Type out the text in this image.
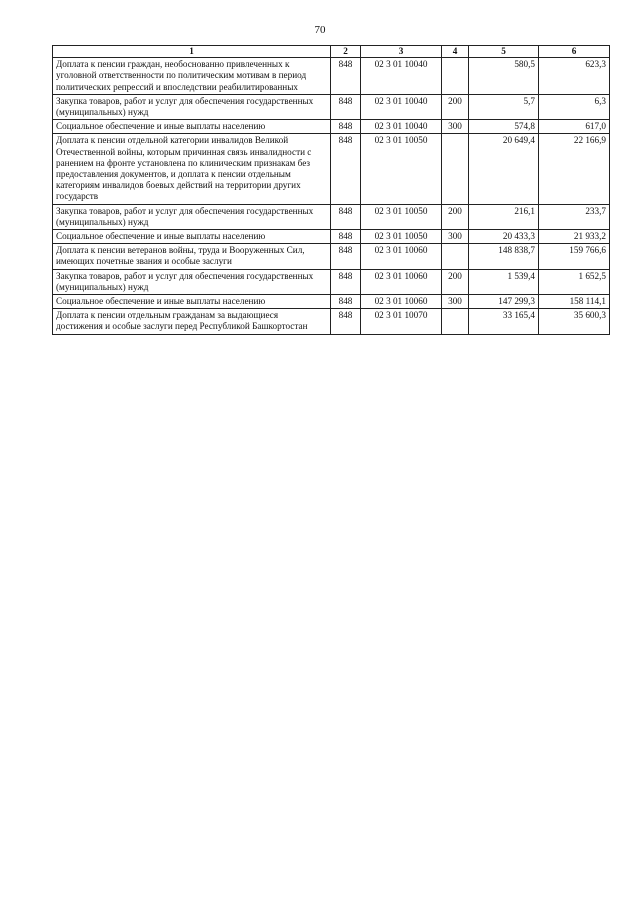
70
1	2	3	4	5	6
Доплата к пенсии граждан, необоснованно привлеченных к уголовной ответственности по политическим мотивам в период политических репрессий и впоследствии реабилитированных	848	02 3 01 10040		580,5	623,3
Закупка товаров, работ и услуг для обеспечения государственных (муниципальных) нужд	848	02 3 01 10040	200	5,7	6,3
Социальное обеспечение и иные выплаты населению	848	02 3 01 10040	300	574,8	617,0
Доплата к пенсии отдельной категории инвалидов Великой Отечественной войны, которым причинная связь инвалидности с ранением на фронте установлена по клиническим признакам без предоставления документов, и доплата к пенсии отдельным категориям инвалидов боевых действий на территории других государств	848	02 3 01 10050		20 649,4	22 166,9
Закупка товаров, работ и услуг для обеспечения государственных (муниципальных) нужд	848	02 3 01 10050	200	216,1	233,7
Социальное обеспечение и иные выплаты населению	848	02 3 01 10050	300	20 433,3	21 933,2
Доплата к пенсии ветеранов войны, труда и Вооруженных Сил, имеющих почетные звания и особые заслуги	848	02 3 01 10060		148 838,7	159 766,6
Закупка товаров, работ и услуг для обеспечения государственных (муниципальных) нужд	848	02 3 01 10060	200	1 539,4	1 652,5
Социальное обеспечение и иные выплаты населению	848	02 3 01 10060	300	147 299,3	158 114,1
Доплата к пенсии отдельным гражданам за выдающиеся достижения и особые заслуги перед Республикой Башкортостан	848	02 3 01 10070		33 165,4	35 600,3
